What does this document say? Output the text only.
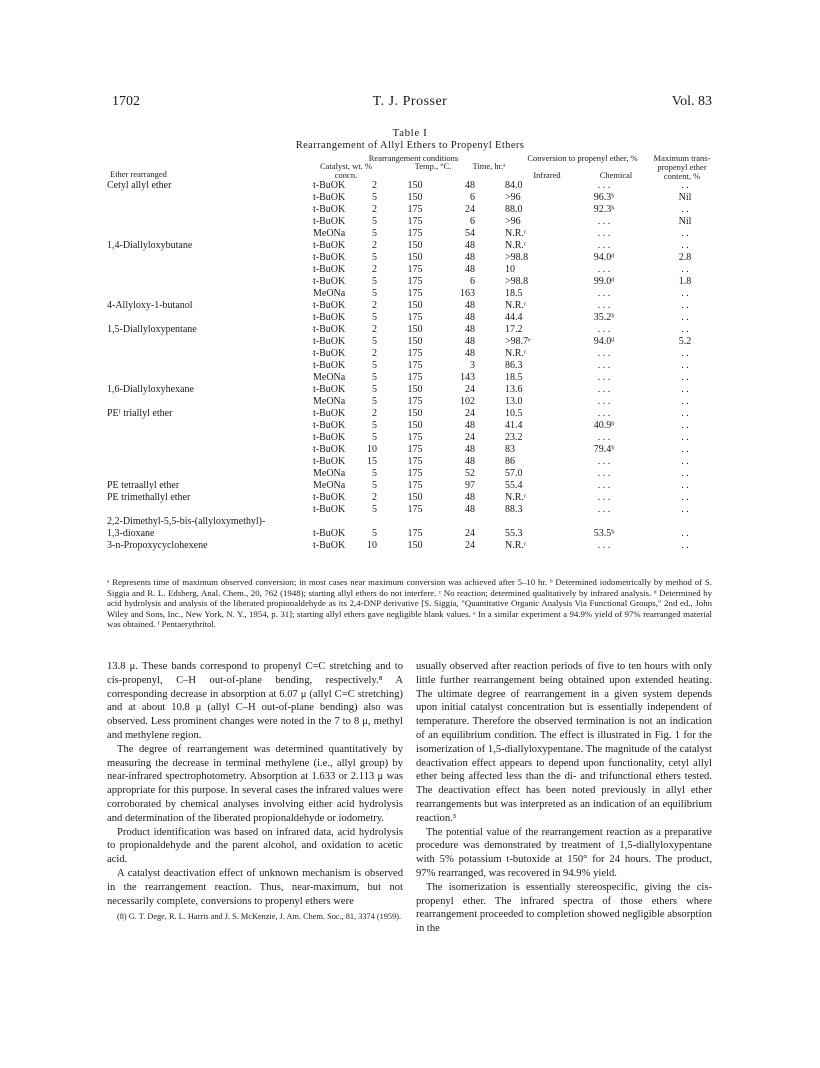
1702	T. J. Prosser	Vol. 83
Table I
Rearrangement of Allyl Ethers to Propenyl Ethers
Rearrangement conditions	Conversion to propenyl ether, %
Ether rearranged
Catalyst, wt. % concn.
Temp., °C.	Time, hr.ᵃ
Infrared	Chemical
Maximum trans-propenyl ether content, %
Cetyl allyl ether	t-BuOK	2	150	48	84.0	. . .	. .
	t-BuOK	5	150	6	>96	96.3ᵇ	Nil
	t-BuOK	2	175	24	88.0	92.3ᵇ	. .
	t-BuOK	5	175	6	>96	. . .	Nil
	MeONa	5	175	54	N.R.ᶜ	. . .	. .
1,4-Diallyloxybutane	t-BuOK	2	150	48	N.R.ᶜ	. . .	. .
	t-BuOK	5	150	48	>98.8	94.0ᵈ	2.8
	t-BuOK	2	175	48	10	. . .	. .
	t-BuOK	5	175	6	>98.8	99.0ᵈ	1.8
	MeONa	5	175	163	18.5	. . .	. .
4-Allyloxy-1-butanol	t-BuOK	2	150	48	N.R.ᶜ	. . .	. .
	t-BuOK	5	175	48	44.4	35.2ᵇ	. .
1,5-Diallyloxypentane	t-BuOK	2	150	48	17.2	. . .	. .
	t-BuOK	5	150	48	>98.7ᵉ	94.0ᵈ	5.2
	t-BuOK	2	175	48	N.R.ᶜ	. . .	. .
	t-BuOK	5	175	3	86.3	. . .	. .
	MeONa	5	175	143	18.5	. . .	. .
1,6-Diallyloxyhexane	t-BuOK	5	150	24	13.6	. . .	. .
	MeONa	5	175	102	13.0	. . .	. .
PEᶠ triallyl ether	t-BuOK	2	150	24	10.5	. . .	. .
	t-BuOK	5	150	48	41.4	40.9ᵇ	. .
	t-BuOK	5	175	24	23.2	. . .	. .
	t-BuOK	10	175	48	83	79.4ᵇ	. .
	t-BuOK	15	175	48	86	. . .	. .
	MeONa	5	175	52	57.0	. . .	. .
PE tetraallyl ether	MeONa	5	175	97	55.4	. . .	. .
PE trimethallyl ether	t-BuOK	2	150	48	N.R.ᶜ	. . .	. .
	t-BuOK	5	175	48	88.3	. . .	. .
2,2-Dimethyl-5,5-bis-(allyloxymethyl)-							
1,3-dioxane	t-BuOK	5	175	24	55.3	53.5ᵇ	. .
3-n-Propoxycyclohexene	t-BuOK	10	150	24	N.R.ᶜ	. . .	. .
ᵃ Represents time of maximum observed conversion; in most cases near maximum conversion was achieved after 5–10 hr. ᵇ Determined iodometrically by method of S. Siggia and R. L. Edsberg, Anal. Chem., 20, 762 (1948); starting allyl ethers do not interfere. ᶜ No reaction; determined qualitatively by infrared analysis. ᵈ Determined by acid hydrolysis and analysis of the liberated propionaldehyde as its 2,4-DNP derivative [S. Siggia, "Quantitative Organic Analysis Via Functional Groups," 2nd ed., John Wiley and Sons, Inc., New York, N. Y., 1954, p. 31]; starting allyl ethers gave negligible blank values. ᵉ In a similar experiment a 94.9% yield of 97% rearranged material was obtained. ᶠ Pentaerythritol.

13.8 μ. These bands correspond to propenyl C=C stretching and to cis-propenyl, C–H out-of-plane bending, respectively.⁸ A corresponding decrease in absorption at 6.07 μ (allyl C=C stretching) and at about 10.8 μ (allyl C–H out-of-plane bending) also was observed. Less prominent changes were noted in the 7 to 8 μ, methyl and methylene region.

The degree of rearrangement was determined quantitatively by measuring the decrease in terminal methylene (i.e., allyl group) by near-infrared spectrophotometry. Absorption at 1.633 or 2.113 μ was appropriate for this purpose. In several cases the infrared values were corroborated by chemical analyses involving either acid hydrolysis and determination of the liberated propionaldehyde or iodometry.

Product identification was based on infrared data, acid hydrolysis to propionaldehyde and the parent alcohol, and oxidation to acetic acid.

A catalyst deactivation effect of unknown mechanism is observed in the rearrangement reaction. Thus, near-maximum, but not necessarily complete, conversions to propenyl ethers were

(8) G. T. Dege, R. L. Harris and J. S. McKenzie, J. Am. Chem. Soc., 81, 3374 (1959).

usually observed after reaction periods of five to ten hours with only little further rearrangement being obtained upon extended heating. The ultimate degree of rearrangement in a given system depends upon initial catalyst concentration but is essentially independent of temperature. Therefore the observed termination is not an indication of an equilibrium condition. The effect is illustrated in Fig. 1 for the isomerization of 1,5-diallyloxypentane. The magnitude of the catalyst deactivation effect appears to depend upon functionality, cetyl allyl ether being affected less than the di- and trifunctional ethers tested. The deactivation effect has been noted previously in allyl ether rearrangements but was interpreted as an indication of an equilibrium reaction.³

The potential value of the rearrangement reaction as a preparative procedure was demonstrated by treatment of 1,5-diallyloxypentane with 5% potassium t-butoxide at 150° for 24 hours. The product, 97% rearranged, was recovered in 94.9% yield.

The isomerization is essentially stereospecific, giving the cis-propenyl ether. The infrared spectra of those ethers where rearrangement proceeded to completion showed negligible absorption in the
